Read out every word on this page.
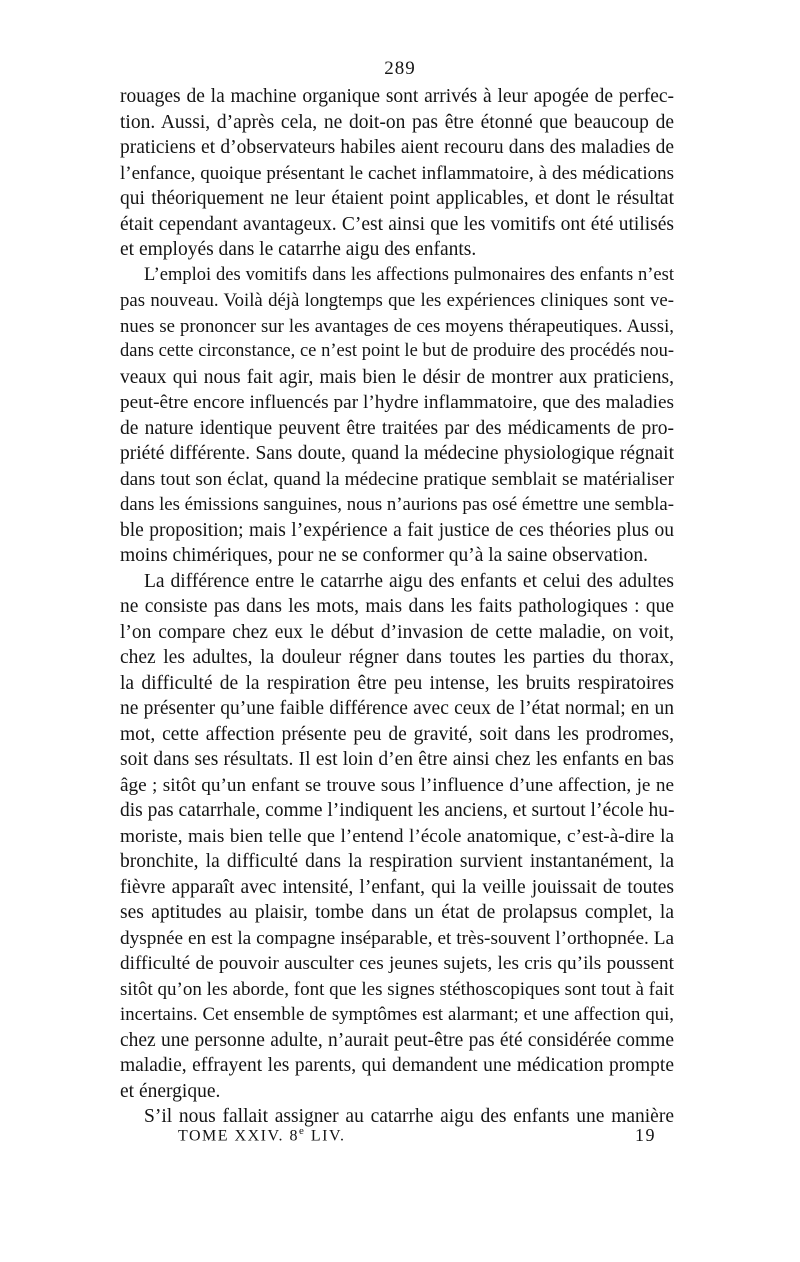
289
rouages de la machine organique sont arrivés à leur apogée de perfec-
tion. Aussi, d’après cela, ne doit-on pas être étonné que beaucoup de
praticiens et d’observateurs habiles aient recouru dans des maladies de
l’enfance, quoique présentant le cachet inflammatoire, à des médications
qui théoriquement ne leur étaient point applicables, et dont le résultat
était cependant avantageux. C’est ainsi que les vomitifs ont été utilisés
et employés dans le catarrhe aigu des enfants.
L’emploi des vomitifs dans les affections pulmonaires des enfants n’est
pas nouveau. Voilà déjà longtemps que les expériences cliniques sont ve-
nues se prononcer sur les avantages de ces moyens thérapeutiques. Aussi,
dans cette circonstance, ce n’est point le but de produire des procédés nou-
veaux qui nous fait agir, mais bien le désir de montrer aux praticiens,
peut-être encore influencés par l’hydre inflammatoire, que des maladies
de nature identique peuvent être traitées par des médicaments de pro-
priété différente. Sans doute, quand la médecine physiologique régnait
dans tout son éclat, quand la médecine pratique semblait se matérialiser
dans les émissions sanguines, nous n’aurions pas osé émettre une sembla-
ble proposition; mais l’expérience a fait justice de ces théories plus ou
moins chimériques, pour ne se conformer qu’à la saine observation.
La différence entre le catarrhe aigu des enfants et celui des adultes
ne consiste pas dans les mots, mais dans les faits pathologiques : que
l’on compare chez eux le début d’invasion de cette maladie, on voit,
chez les adultes, la douleur régner dans toutes les parties du thorax,
la difficulté de la respiration être peu intense, les bruits respiratoires
ne présenter qu’une faible différence avec ceux de l’état normal; en un
mot, cette affection présente peu de gravité, soit dans les prodromes,
soit dans ses résultats. Il est loin d’en être ainsi chez les enfants en bas
âge ; sitôt qu’un enfant se trouve sous l’influence d’une affection, je ne
dis pas catarrhale, comme l’indiquent les anciens, et surtout l’école hu-
moriste, mais bien telle que l’entend l’école anatomique, c’est-à-dire la
bronchite, la difficulté dans la respiration survient instantanément, la
fièvre apparaît avec intensité, l’enfant, qui la veille jouissait de toutes
ses aptitudes au plaisir, tombe dans un état de prolapsus complet, la
dyspnée en est la compagne inséparable, et très-souvent l’orthopnée. La
difficulté de pouvoir ausculter ces jeunes sujets, les cris qu’ils poussent
sitôt qu’on les aborde, font que les signes stéthoscopiques sont tout à fait
incertains. Cet ensemble de symptômes est alarmant; et une affection qui,
chez une personne adulte, n’aurait peut-être pas été considérée comme
maladie, effrayent les parents, qui demandent une médication prompte
et énergique.
S’il nous fallait assigner au catarrhe aigu des enfants une manière
TOME XXIV. 8e LIV.	19
